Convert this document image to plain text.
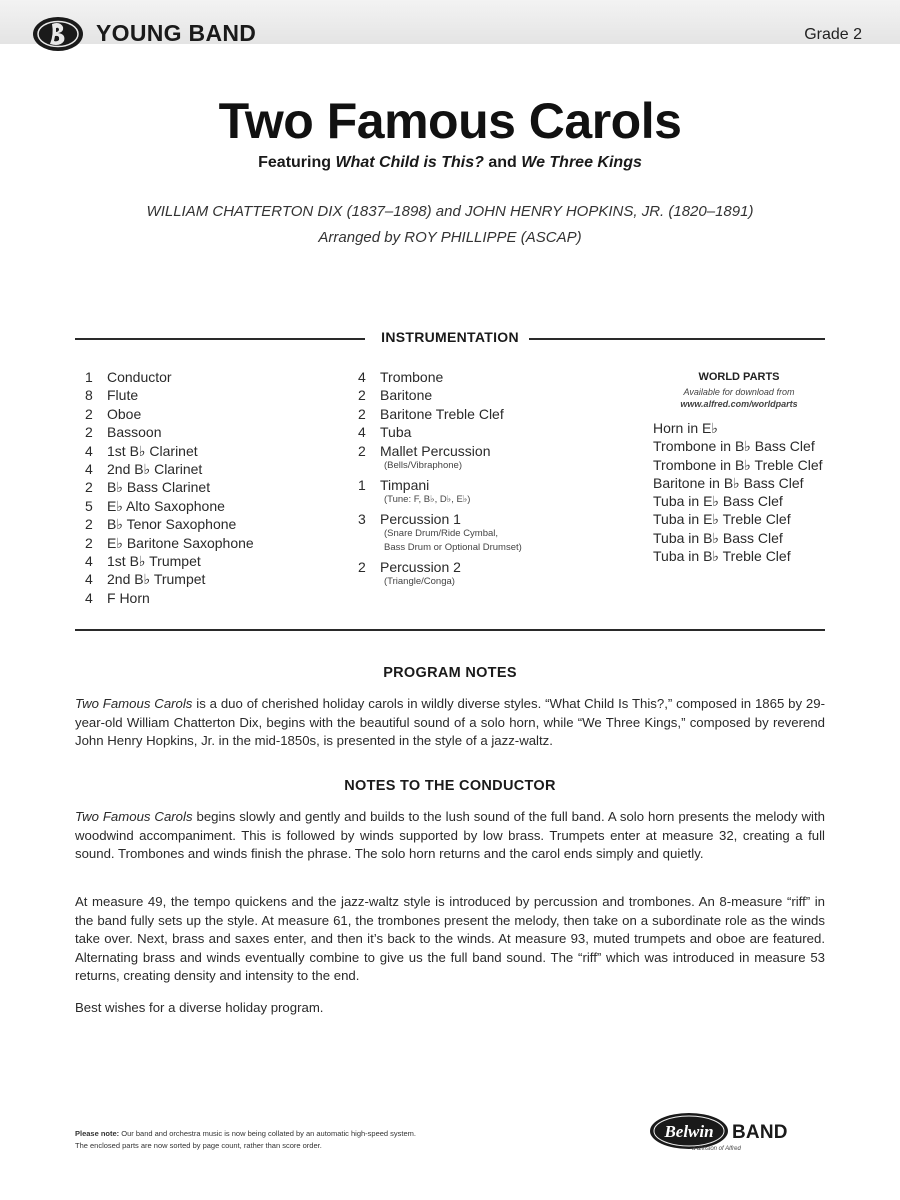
YOUNG BAND	Grade 2
Two Famous Carols
Featuring What Child is This? and We Three Kings
WILLIAM CHATTERTON DIX (1837–1898) and JOHN HENRY HOPKINS, JR. (1820–1891)
Arranged by ROY PHILLIPPE (ASCAP)
INSTRUMENTATION
1	Conductor
8	Flute
2	Oboe
2	Bassoon
4	1st B♭ Clarinet
4	2nd B♭ Clarinet
2	B♭ Bass Clarinet
5	E♭ Alto Saxophone
2	B♭ Tenor Saxophone
2	E♭ Baritone Saxophone
4	1st B♭ Trumpet
4	2nd B♭ Trumpet
4	F Horn
4	Trombone
2	Baritone
2	Baritone Treble Clef
4	Tuba
2	Mallet Percussion
(Bells/Vibraphone)
1	Timpani
(Tune: F, B♭, D♭, E♭)
3	Percussion 1
(Snare Drum/Ride Cymbal,
Bass Drum or Optional Drumset)
2	Percussion 2
(Triangle/Conga)
WORLD PARTS
Available for download from
www.alfred.com/worldparts
Horn in E♭
Trombone in B♭ Bass Clef
Trombone in B♭ Treble Clef
Baritone in B♭ Bass Clef
Tuba in E♭ Bass Clef
Tuba in E♭ Treble Clef
Tuba in B♭ Bass Clef
Tuba in B♭ Treble Clef
PROGRAM NOTES
Two Famous Carols is a duo of cherished holiday carols in wildly diverse styles. “What Child Is This?,” composed in 1865 by 29-year-old William Chatterton Dix, begins with the beautiful sound of a solo horn, while “We Three Kings,” composed by reverend John Henry Hopkins, Jr. in the mid-1850s, is presented in the style of a jazz-waltz.
NOTES TO THE CONDUCTOR
Two Famous Carols begins slowly and gently and builds to the lush sound of the full band. A solo horn presents the melody with woodwind accompaniment. This is followed by winds supported by low brass. Trumpets enter at measure 32, creating a full sound. Trombones and winds finish the phrase. The solo horn returns and the carol ends simply and quietly.
At measure 49, the tempo quickens and the jazz-waltz style is introduced by percussion and trombones. An 8-measure “riff” in the band fully sets up the style. At measure 61, the trombones present the melody, then take on a subordinate role as the winds take over. Next, brass and saxes enter, and then it’s back to the winds. At measure 93, muted trumpets and oboe are featured. Alternating brass and winds eventually combine to give us the full band sound. The “riff” which was introduced in measure 53 returns, creating density and intensity to the end.
Best wishes for a diverse holiday program.
Please note: Our band and orchestra music is now being collated by an automatic high-speed system.
The enclosed parts are now sorted by page count, rather than score order.
Belwin BAND
a division of Alfred
